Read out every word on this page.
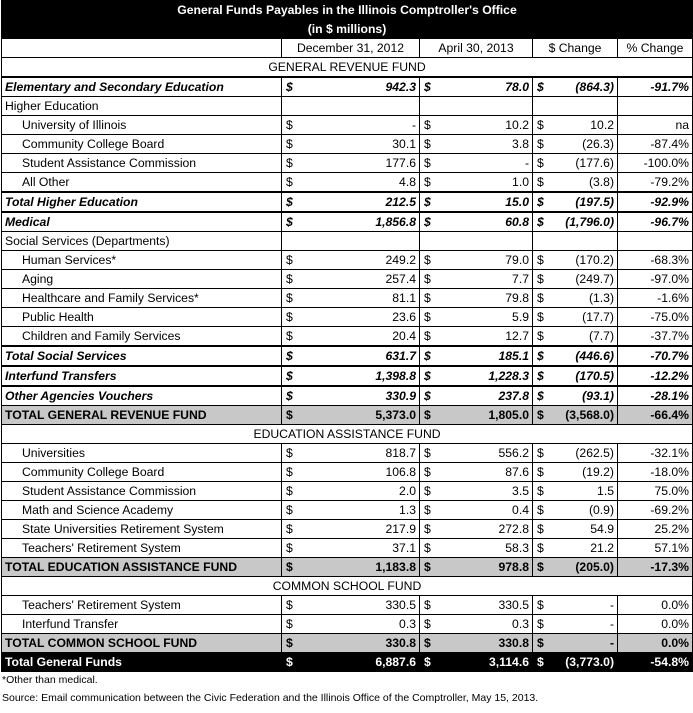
General Funds Payables in the Illinois Comptroller's Office							
(in $ millions)							
	December 31, 2012		April 30, 2013		$ Change		% Change
GENERAL REVENUE FUND							
Elementary and Secondary Education	$	942.3	$	78.0	$	(864.3)	-91.7%
Higher Education							
University of Illinois	$	-	$	10.2	$	10.2	na
Community College Board	$	30.1	$	3.8	$	(26.3)	-87.4%
Student Assistance Commission	$	177.6	$	-	$	(177.6)	-100.0%
All Other	$	4.8	$	1.0	$	(3.8)	-79.2%
Total Higher Education	$	212.5	$	15.0	$	(197.5)	-92.9%
Medical	$	1,856.8	$	60.8	$	(1,796.0)	-96.7%
Social Services (Departments)							
Human Services*	$	249.2	$	79.0	$	(170.2)	-68.3%
Aging	$	257.4	$	7.7	$	(249.7)	-97.0%
Healthcare and Family Services*	$	81.1	$	79.8	$	(1.3)	-1.6%
Public Health	$	23.6	$	5.9	$	(17.7)	-75.0%
Children and Family Services	$	20.4	$	12.7	$	(7.7)	-37.7%
Total Social Services	$	631.7	$	185.1	$	(446.6)	-70.7%
Interfund Transfers	$	1,398.8	$	1,228.3	$	(170.5)	-12.2%
Other Agencies Vouchers	$	330.9	$	237.8	$	(93.1)	-28.1%
TOTAL GENERAL REVENUE FUND	$	5,373.0	$	1,805.0	$	(3,568.0)	-66.4%
EDUCATION ASSISTANCE FUND							
Universities	$	818.7	$	556.2	$	(262.5)	-32.1%
Community College Board	$	106.8	$	87.6	$	(19.2)	-18.0%
Student Assistance Commission	$	2.0	$	3.5	$	1.5	75.0%
Math and Science Academy	$	1.3	$	0.4	$	(0.9)	-69.2%
State Universities Retirement System	$	217.9	$	272.8	$	54.9	25.2%
Teachers' Retirement System	$	37.1	$	58.3	$	21.2	57.1%
TOTAL EDUCATION ASSISTANCE FUND	$	1,183.8	$	978.8	$	(205.0)	-17.3%
COMMON SCHOOL FUND							
Teachers' Retirement System	$	330.5	$	330.5	$	-	0.0%
Interfund Transfer	$	0.3	$	0.3	$	-	0.0%
TOTAL COMMON SCHOOL FUND	$	330.8	$	330.8	$	-	0.0%
Total General Funds	$	6,887.6	$	3,114.6	$	(3,773.0)	-54.8%
*Other than medical.
Source: Email communication between the Civic Federation and the Illinois Office of the Comptroller, May 15, 2013.
